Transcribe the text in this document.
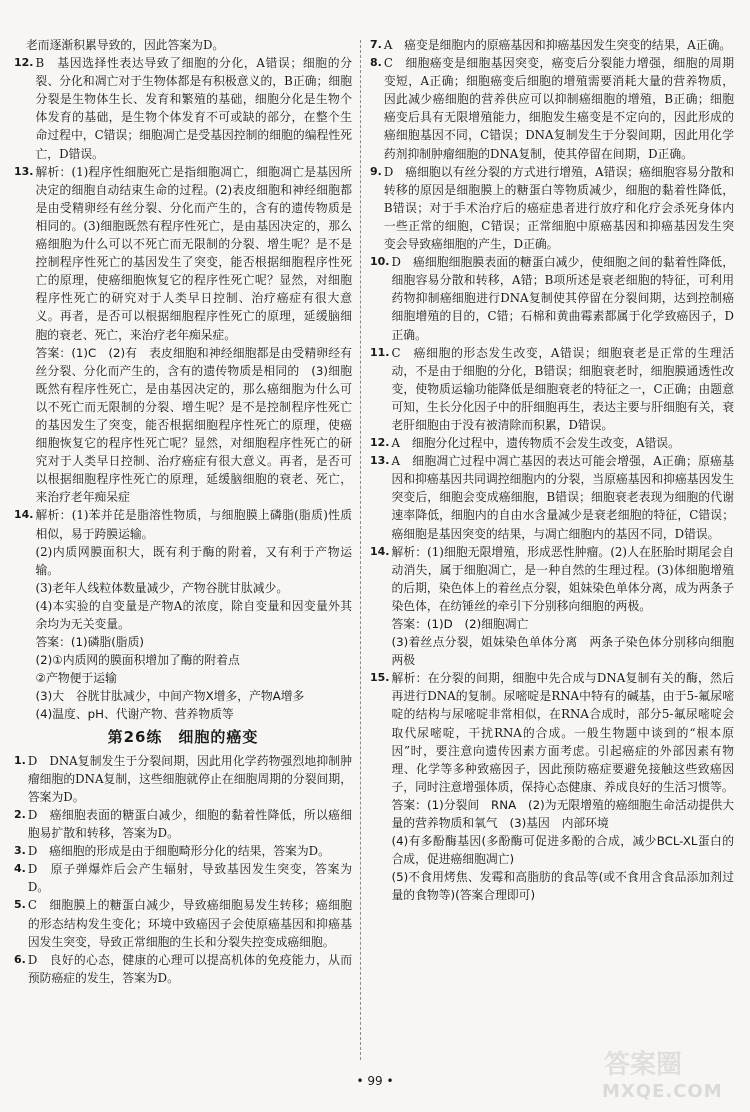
老而逐渐积累导致的，因此答案为D。

12. B　基因选择性表达导致了细胞的分化，A错误；细胞的分裂、分化和凋亡对于生物体都是有积极意义的，B正确；细胞分裂是生物体生长、发育和繁殖的基础，细胞分化是生物个体发育的基础，是生物个体发育不可或缺的部分，在整个生命过程中，C错误；细胞凋亡是受基因控制的细胞的编程性死亡，D错误。

13. 解析：(1)程序性细胞死亡是指细胞凋亡，细胞凋亡是基因所决定的细胞自动结束生命的过程。(2)表皮细胞和神经细胞都是由受精卵经有丝分裂、分化而产生的，含有的遗传物质是相同的。(3)细胞既然有程序性死亡，是由基因决定的，那么癌细胞为什么可以不死亡而无限制的分裂、增生呢？是不是控制程序性死亡的基因发生了突变，能否根据细胞程序性死亡的原理，使癌细胞恢复它的程序性死亡呢？显然，对细胞程序性死亡的研究对于人类早日控制、治疗癌症有很大意义。再者，是否可以根据细胞程序性死亡的原理，延缓脑细胞的衰老、死亡，来治疗老年痴呆症。

答案：(1)C　(2)有　表皮细胞和神经细胞都是由受精卵经有丝分裂、分化而产生的，含有的遗传物质是相同的　(3)细胞既然有程序性死亡，是由基因决定的，那么癌细胞为什么可以不死亡而无限制的分裂、增生呢？是不是控制程序性死亡的基因发生了突变，能否根据细胞程序性死亡的原理，使癌细胞恢复它的程序性死亡呢？显然，对细胞程序性死亡的研究对于人类早日控制、治疗癌症有很大意义。再者，是否可以根据细胞程序性死亡的原理，延缓脑细胞的衰老、死亡，来治疗老年痴呆症

14. 解析：(1)苯并芘是脂溶性物质，与细胞膜上磷脂(脂质)性质相似，易于跨膜运输。

(2)内质网膜面积大，既有利于酶的附着，又有利于产物运输。

(3)老年人线粒体数量减少，产物谷胱甘肽减少。

(4)本实验的自变量是产物A的浓度，除自变量和因变量外其余均为无关变量。

答案：(1)磷脂(脂质)

(2)①内质网的膜面积增加了酶的附着点

②产物便于运输

(3)大　谷胱甘肽减少，中间产物X增多，产物A增多

(4)温度、pH、代谢产物、营养物质等

第26练　细胞的癌变
1. D　DNA复制发生于分裂间期，因此用化学药物强烈地抑制肿瘤细胞的DNA复制，这些细胞就停止在细胞周期的分裂间期，答案为D。

2. D　癌细胞表面的糖蛋白减少，细胞的黏着性降低，所以癌细胞易扩散和转移，答案为D。

3. D　癌细胞的形成是由于细胞畸形分化的结果，答案为D。

4. D　原子弹爆炸后会产生辐射，导致基因发生突变，答案为D。

5. C　细胞膜上的糖蛋白减少，导致癌细胞易发生转移；癌细胞的形态结构发生变化；环境中致癌因子会使原癌基因和抑癌基因发生突变，导致正常细胞的生长和分裂失控变成癌细胞。

6. D　良好的心态，健康的心理可以提高机体的免疫能力，从而预防癌症的发生，答案为D。

7. A　癌变是细胞内的原癌基因和抑癌基因发生突变的结果，A正确。

8. C　细胞癌变是细胞基因突变，癌变后分裂能力增强，细胞的周期变短，A正确；细胞癌变后细胞的增殖需要消耗大量的营养物质，因此减少癌细胞的营养供应可以抑制癌细胞的增殖，B正确；细胞癌变后具有无限增殖能力，细胞发生癌变是不定向的，因此形成的癌细胞基因不同，C错误；DNA复制发生于分裂间期，因此用化学药剂抑制肿瘤细胞的DNA复制，使其停留在间期，D正确。

9. D　癌细胞以有丝分裂的方式进行增殖，A错误；癌细胞容易分散和转移的原因是细胞膜上的糖蛋白等物质减少，细胞的黏着性降低，B错误；对于手术治疗后的癌症患者进行放疗和化疗会杀死身体内一些正常的细胞，C错误；正常细胞中原癌基因和抑癌基因发生突变会导致癌细胞的产生，D正确。

10. D　癌细胞细胞膜表面的糖蛋白减少，使细胞之间的黏着性降低，细胞容易分散和转移，A错；B项所述是衰老细胞的特征，可利用药物抑制癌细胞进行DNA复制使其停留在分裂间期，达到控制癌细胞增殖的目的，C错；石棉和黄曲霉素都属于化学致癌因子，D正确。

11. C　癌细胞的形态发生改变，A错误；细胞衰老是正常的生理活动，不是由于细胞的分化，B错误；细胞衰老时，细胞膜通透性改变，使物质运输功能降低是细胞衰老的特征之一，C正确；由题意可知，生长分化因子中的肝细胞再生，表达主要与肝细胞有关，衰老肝细胞由于没有被清除而积累，D错误。

12. A　细胞分化过程中，遗传物质不会发生改变，A错误。

13. A　细胞凋亡过程中凋亡基因的表达可能会增强，A正确；原癌基因和抑癌基因共同调控细胞内的分裂，当原癌基因和抑癌基因发生突变后，细胞会变成癌细胞，B错误；细胞衰老表现为细胞的代谢速率降低，细胞内的自由水含量减少是衰老细胞的特征，C错误；癌细胞是基因突变的结果，与凋亡细胞内的基因不同，D错误。

14. 解析：(1)细胞无限增殖，形成恶性肿瘤。(2)人在胚胎时期尾会自动消失，属于细胞凋亡，是一种自然的生理过程。(3)体细胞增殖的后期，染色体上的着丝点分裂，姐妹染色单体分离，成为两条子染色体，在纺锤丝的牵引下分别移向细胞的两极。

答案：(1)D　(2)细胞凋亡

(3)着丝点分裂，姐妹染色单体分离　两条子染色体分别移向细胞两极

15. 解析：在分裂的间期，细胞中先合成与DNA复制有关的酶，然后再进行DNA的复制。尿嘧啶是RNA中特有的碱基，由于5-氟尿嘧啶的结构与尿嘧啶非常相似，在RNA合成时，部分5-氟尿嘧啶会取代尿嘧啶，干扰RNA的合成。一般生物题中谈到的“根本原因”时，要注意向遗传因素方面考虑。引起癌症的外部因素有物理、化学等多种致癌因子，因此预防癌症要避免接触这些致癌因子，同时注意增强体质，保持心态健康、养成良好的生活习惯等。

答案：(1)分裂间　RNA　(2)为无限增殖的癌细胞生命活动提供大量的营养物质和氧气　(3)基因　内部环境

(4)有多酚酶基因(多酚酶可促进多酚的合成，减少BCL-XL蛋白的合成，促进癌细胞凋亡)

(5)不食用烤焦、发霉和高脂肪的食品等(或不食用含食品添加剂过量的食物等)(答案合理即可)

• 99 •
答案圈
MXQE.COM
